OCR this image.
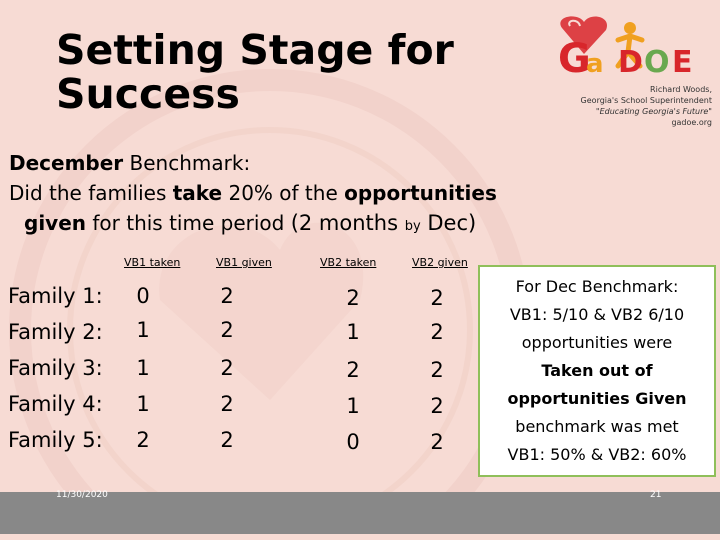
Setting Stage for
Success
G
a D O E
Richard Woods,
Georgia's School Superintendent
"Educating Georgia's Future"
gadoe.org
December Benchmark:
Did the families take 20% of the opportunities
given for this time period (2 months by Dec)
VB1 taken	VB1 given	VB2 taken	VB2 given
Family 1:	0	2	2	2
Family 2:	1	2	1	2
Family 3:	1	2	2	2
Family 4:	1	2	1	2
Family 5:	2	2	0	2
For Dec Benchmark:
VB1: 5/10 & VB2 6/10
opportunities were
Taken out of
opportunities Given
benchmark was met
VB1: 50% & VB2: 60%
11/30/2020	21
